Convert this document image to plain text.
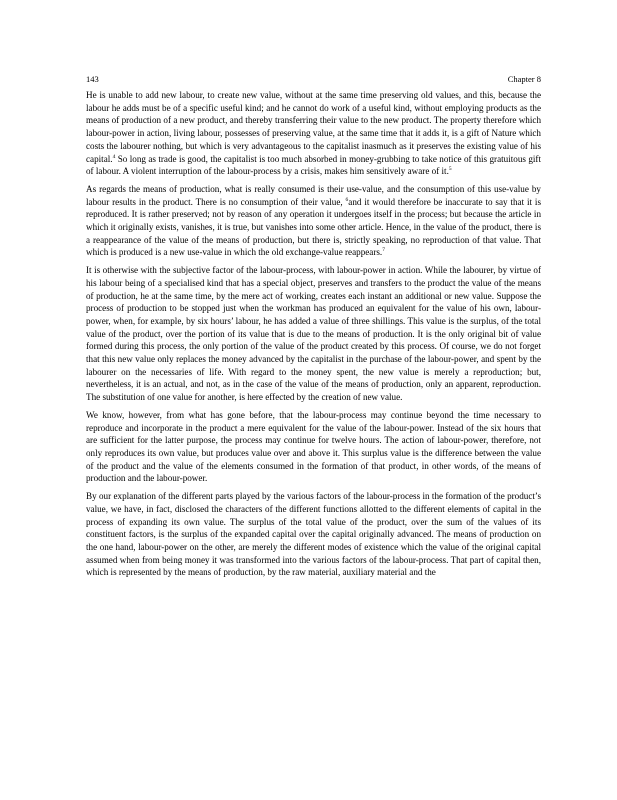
143	Chapter 8

He is unable to add new labour, to create new value, without at the same time preserving old values, and this, because the labour he adds must be of a specific useful kind; and he cannot do work of a useful kind, without employing products as the means of production of a new product, and thereby transferring their value to the new product. The property therefore which labour-power in action, living labour, possesses of preserving value, at the same time that it adds it, is a gift of Nature which costs the labourer nothing, but which is very advantageous to the capitalist inasmuch as it preserves the existing value of his capital.$^4$ So long as trade is good, the capitalist is too much absorbed in money-grubbing to take notice of this gratuitous gift of labour. A violent interruption of the labour-process by a crisis, makes him sensitively aware of it.$^5$

As regards the means of production, what is really consumed is their use-value, and the consumption of this use-value by labour results in the product. There is no consumption of their value, $^6$and it would therefore be inaccurate to say that it is reproduced. It is rather preserved; not by reason of any operation it undergoes itself in the process; but because the article in which it originally exists, vanishes, it is true, but vanishes into some other article. Hence, in the value of the product, there is a reappearance of the value of the means of production, but there is, strictly speaking, no reproduction of that value. That which is produced is a new use-value in which the old exchange-value reappears.$^7$

It is otherwise with the subjective factor of the labour-process, with labour-power in action. While the labourer, by virtue of his labour being of a specialised kind that has a special object, preserves and transfers to the product the value of the means of production, he at the same time, by the mere act of working, creates each instant an additional or new value. Suppose the process of production to be stopped just when the workman has produced an equivalent for the value of his own, labour-power, when, for example, by six hours’ labour, he has added a value of three shillings. This value is the surplus, of the total value of the product, over the portion of its value that is due to the means of production. It is the only original bit of value formed during this process, the only portion of the value of the product created by this process. Of course, we do not forget that this new value only replaces the money advanced by the capitalist in the purchase of the labour-power, and spent by the labourer on the necessaries of life. With regard to the money spent, the new value is merely a reproduction; but, nevertheless, it is an actual, and not, as in the case of the value of the means of production, only an apparent, reproduction. The substitution of one value for another, is here effected by the creation of new value.

We know, however, from what has gone before, that the labour-process may continue beyond the time necessary to reproduce and incorporate in the product a mere equivalent for the value of the labour-power. Instead of the six hours that are sufficient for the latter purpose, the process may continue for twelve hours. The action of labour-power, therefore, not only reproduces its own value, but produces value over and above it. This surplus value is the difference between the value of the product and the value of the elements consumed in the formation of that product, in other words, of the means of production and the labour-power.

By our explanation of the different parts played by the various factors of the labour-process in the formation of the product’s value, we have, in fact, disclosed the characters of the different functions allotted to the different elements of capital in the process of expanding its own value. The surplus of the total value of the product, over the sum of the values of its constituent factors, is the surplus of the expanded capital over the capital originally advanced. The means of production on the one hand, labour-power on the other, are merely the different modes of existence which the value of the original capital assumed when from being money it was transformed into the various factors of the labour-process. That part of capital then, which is represented by the means of production, by the raw material, auxiliary material and the
